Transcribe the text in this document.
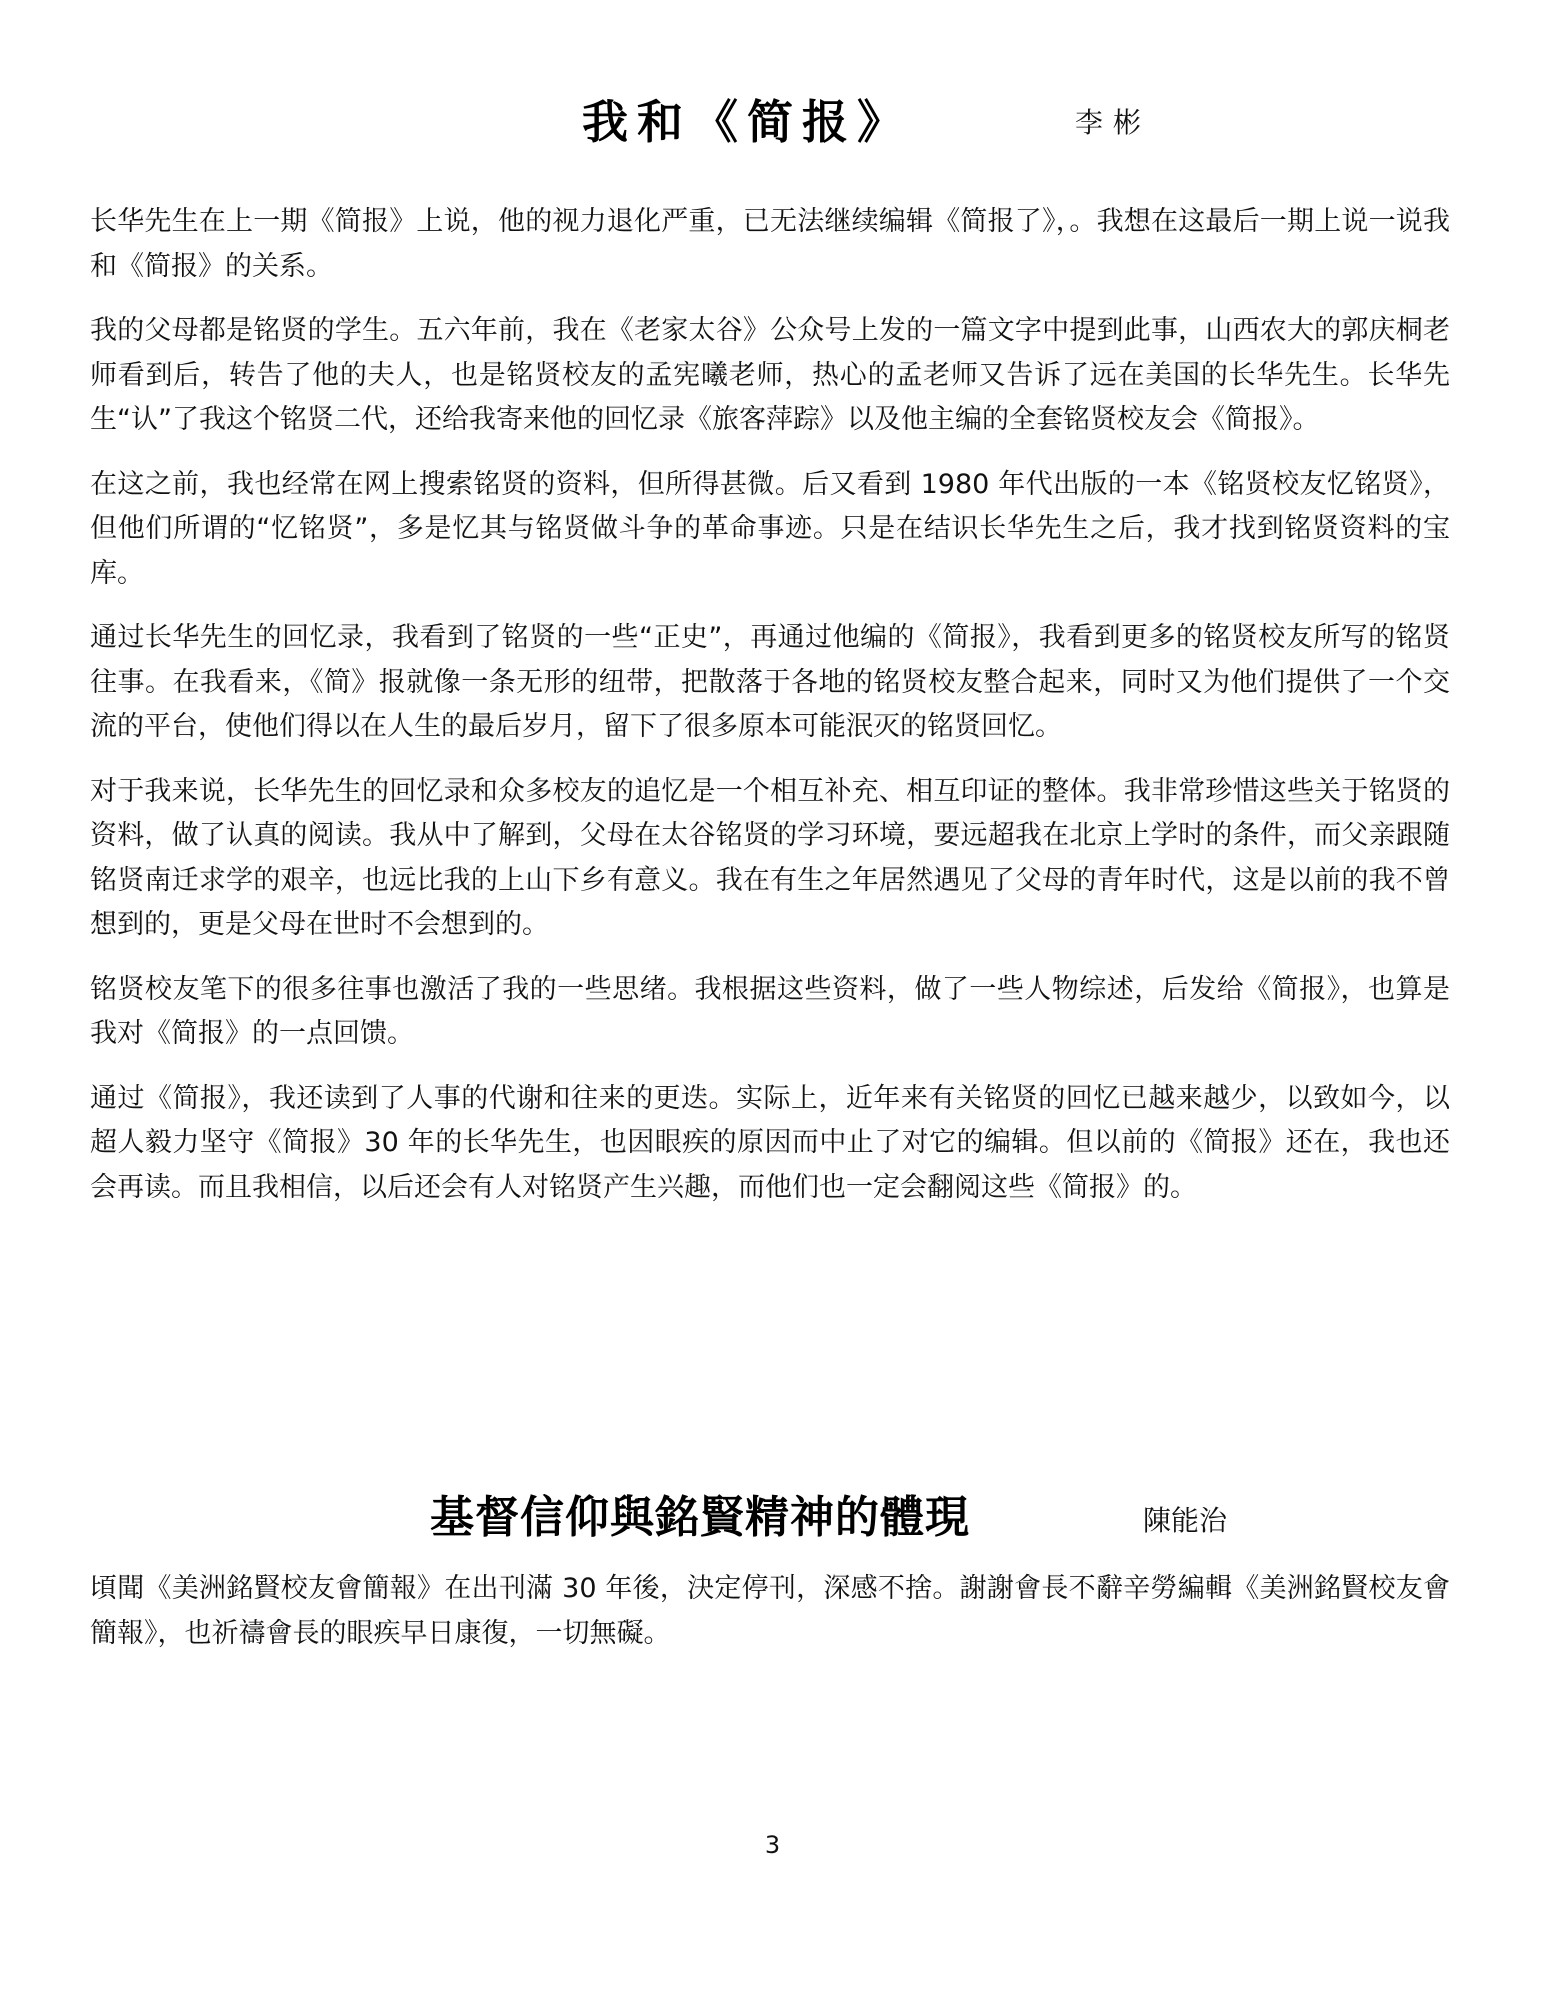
我和《简报》	李彬

长华先生在上一期《简报》上说，他的视力退化严重，已无法继续编辑《简报了》，。我想在这最后一期上说一说我和《简报》的关系。

我的父母都是铭贤的学生。五六年前，我在《老家太谷》公众号上发的一篇文字中提到此事，山西农大的郭庆桐老师看到后，转告了他的夫人，也是铭贤校友的孟宪曦老师，热心的孟老师又告诉了远在美国的长华先生。长华先生“认”了我这个铭贤二代，还给我寄来他的回忆录《旅客萍踪》以及他主编的全套铭贤校友会《简报》。

在这之前，我也经常在网上搜索铭贤的资料，但所得甚微。后又看到 1980 年代出版的一本《铭贤校友忆铭贤》，但他们所谓的“忆铭贤”，多是忆其与铭贤做斗争的革命事迹。只是在结识长华先生之后，我才找到铭贤资料的宝库。

通过长华先生的回忆录，我看到了铭贤的一些“正史”，再通过他编的《简报》，我看到更多的铭贤校友所写的铭贤往事。在我看来，《简》报就像一条无形的纽带，把散落于各地的铭贤校友整合起来，同时又为他们提供了一个交流的平台，使他们得以在人生的最后岁月，留下了很多原本可能泯灭的铭贤回忆。

对于我来说，长华先生的回忆录和众多校友的追忆是一个相互补充、相互印证的整体。我非常珍惜这些关于铭贤的资料，做了认真的阅读。我从中了解到，父母在太谷铭贤的学习环境，要远超我在北京上学时的条件，而父亲跟随铭贤南迁求学的艰辛，也远比我的上山下乡有意义。我在有生之年居然遇见了父母的青年时代，这是以前的我不曾想到的，更是父母在世时不会想到的。

铭贤校友笔下的很多往事也激活了我的一些思绪。我根据这些资料，做了一些人物综述，后发给《简报》，也算是我对《简报》的一点回馈。

通过《简报》，我还读到了人事的代谢和往来的更迭。实际上，近年来有关铭贤的回忆已越来越少，以致如今，以超人毅力坚守《简报》30 年的长华先生，也因眼疾的原因而中止了对它的编辑。但以前的《简报》还在，我也还会再读。而且我相信，以后还会有人对铭贤产生兴趣，而他们也一定会翻阅这些《简报》的。

基督信仰與銘賢精神的體現	陳能治

頃聞《美洲銘賢校友會簡報》在出刊滿 30 年後，決定停刊，深感不捨。謝謝會長不辭辛勞編輯《美洲銘賢校友會簡報》，也祈禱會長的眼疾早日康復，一切無礙。

3
